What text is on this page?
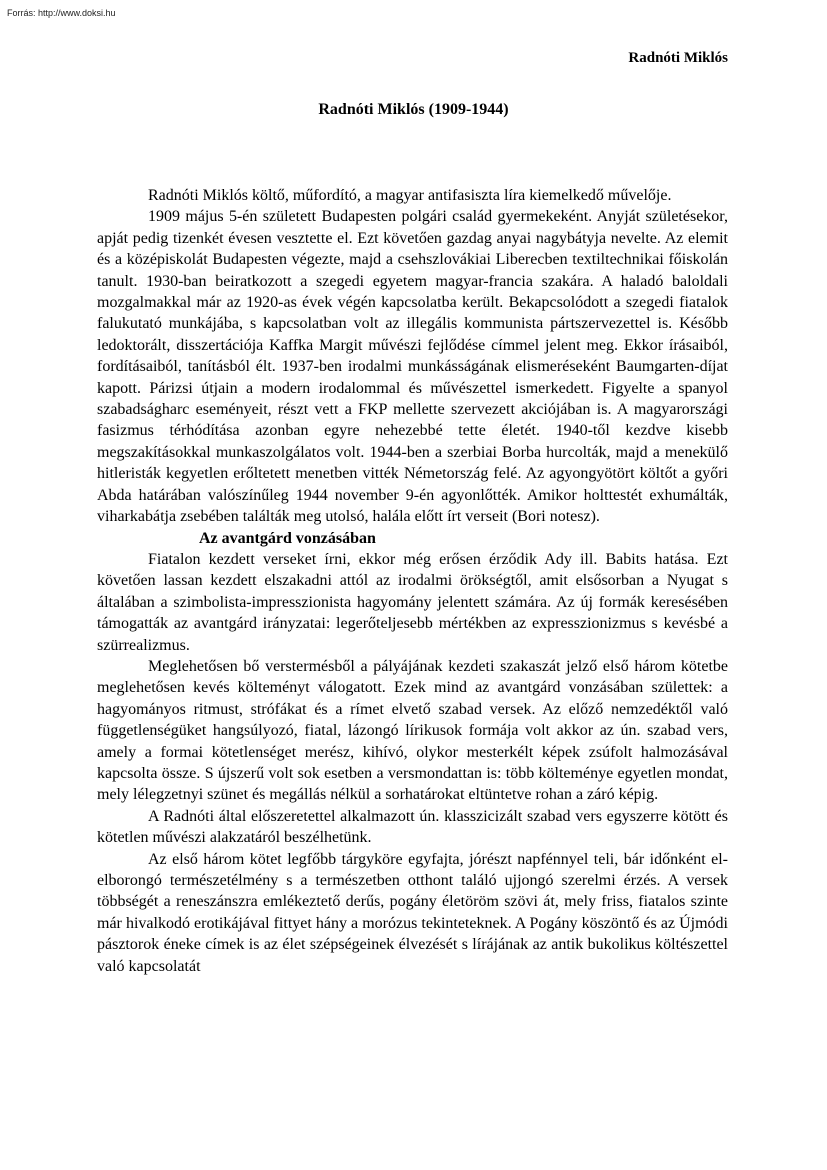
Forrás: http://www.doksi.hu
Radnóti Miklós
Radnóti Miklós (1909-1944)

Radnóti Miklós költő, műfordító, a magyar antifasiszta líra kiemelkedő művelője.

1909 május 5-én született Budapesten polgári család gyermekeként. Anyját születésekor, apját pedig tizenkét évesen vesztette el. Ezt követően gazdag anyai nagybátyja nevelte. Az elemit és a középiskolát Budapesten végezte, majd a csehszlovákiai Liberecben textiltechnikai főiskolán tanult. 1930-ban beiratkozott a szegedi egyetem magyar-francia szakára. A haladó baloldali mozgalmakkal már az 1920-as évek végén kapcsolatba került. Bekapcsolódott a szegedi fiatalok falukutató munkájába, s kapcsolatban volt az illegális kommunista pártszervezettel is. Később ledoktorált, disszertációja Kaffka Margit művészi fejlődése címmel jelent meg. Ekkor írásaiból, fordításaiból, tanításból élt. 1937-ben irodalmi munkásságának elismeréseként Baumgarten-díjat kapott. Párizsi útjain a modern irodalommal és művészettel ismerkedett. Figyelte a spanyol szabadságharc eseményeit, részt vett a FKP mellette szervezett akciójában is. A magyarországi fasizmus térhódítása azonban egyre nehezebbé tette életét. 1940-től kezdve kisebb megszakításokkal munkaszolgálatos volt. 1944-ben a szerbiai Borba hurcolták, majd a menekülő hitleristák kegyetlen erőltetett menetben vitték Németország felé. Az agyongyötört költőt a győri Abda határában valószínűleg 1944 november 9-én agyonlőtték. Amikor holttestét exhumálták, viharkabátja zsebében találták meg utolsó, halála előtt írt verseit (Bori notesz).

Az avantgárd vonzásában

Fiatalon kezdett verseket írni, ekkor még erősen érződik Ady ill. Babits hatása. Ezt követően lassan kezdett elszakadni attól az irodalmi örökségtől, amit elsősorban a Nyugat s általában a szimbolista-impresszionista hagyomány jelentett számára. Az új formák keresésében támogatták az avantgárd irányzatai: legerőteljesebb mértékben az expresszionizmus s kevésbé a szürrealizmus.

Meglehetősen bő verstermésből a pályájának kezdeti szakaszát jelző első három kötetbe meglehetősen kevés költeményt válogatott. Ezek mind az avantgárd vonzásában születtek: a hagyományos ritmust, strófákat és a rímet elvető szabad versek. Az előző nemzedéktől való függetlenségüket hangsúlyozó, fiatal, lázongó lírikusok formája volt akkor az ún. szabad vers, amely a formai kötetlenséget merész, kihívó, olykor mesterkélt képek zsúfolt halmozásával kapcsolta össze. S újszerű volt sok esetben a versmondattan is: több költeménye egyetlen mondat, mely lélegzetnyi szünet és megállás nélkül a sorhatárokat eltüntetve rohan a záró képig.

A Radnóti által előszeretettel alkalmazott ún. klasszicizált szabad vers egyszerre kötött és kötetlen művészi alakzatáról beszélhetünk.

Az első három kötet legfőbb tárgyköre egyfajta, jórészt napfénnyel teli, bár időnként el-elborongó természetélmény s a természetben otthont találó ujjongó szerelmi érzés. A versek többségét a reneszánszra emlékeztető derűs, pogány életöröm szövi át, mely friss, fiatalos szinte már hivalkodó erotikájával fittyet hány a morózus tekinteteknek. A Pogány köszöntő és az Újmódi pásztorok éneke címek is az élet szépségeinek élvezését s lírájának az antik bukolikus költészettel való kapcsolatát
